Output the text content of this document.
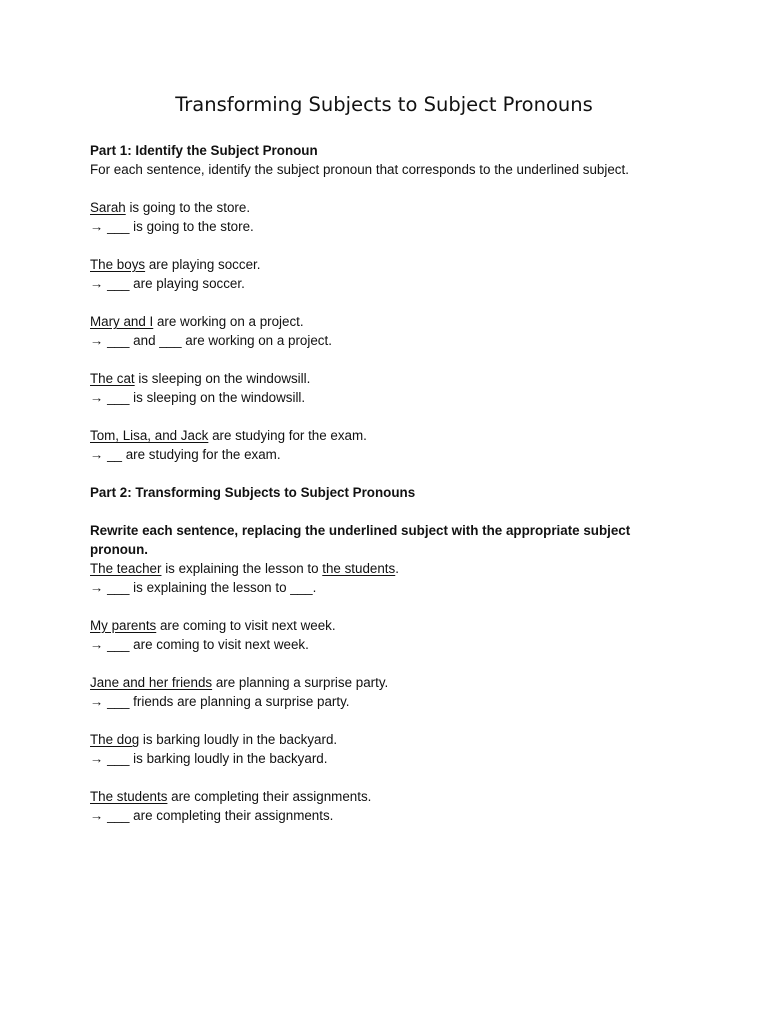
Transforming Subjects to Subject Pronouns
Part 1: Identify the Subject Pronoun
For each sentence, identify the subject pronoun that corresponds to the underlined subject.
Sarah is going to the store.
→ ___ is going to the store.
The boys are playing soccer.
→ ___ are playing soccer.
Mary and I are working on a project.
→ ___ and ___ are working on a project.
The cat is sleeping on the windowsill.
→ ___ is sleeping on the windowsill.
Tom, Lisa, and Jack are studying for the exam.
→ __ are studying for the exam.
Part 2: Transforming Subjects to Subject Pronouns
Rewrite each sentence, replacing the underlined subject with the appropriate subject pronoun.
The teacher is explaining the lesson to the students.
→ ___ is explaining the lesson to ___.
My parents are coming to visit next week.
→ ___ are coming to visit next week.
Jane and her friends are planning a surprise party.
→ ___ friends are planning a surprise party.
The dog is barking loudly in the backyard.
→ ___ is barking loudly in the backyard.
The students are completing their assignments.
→ ___ are completing their assignments.
